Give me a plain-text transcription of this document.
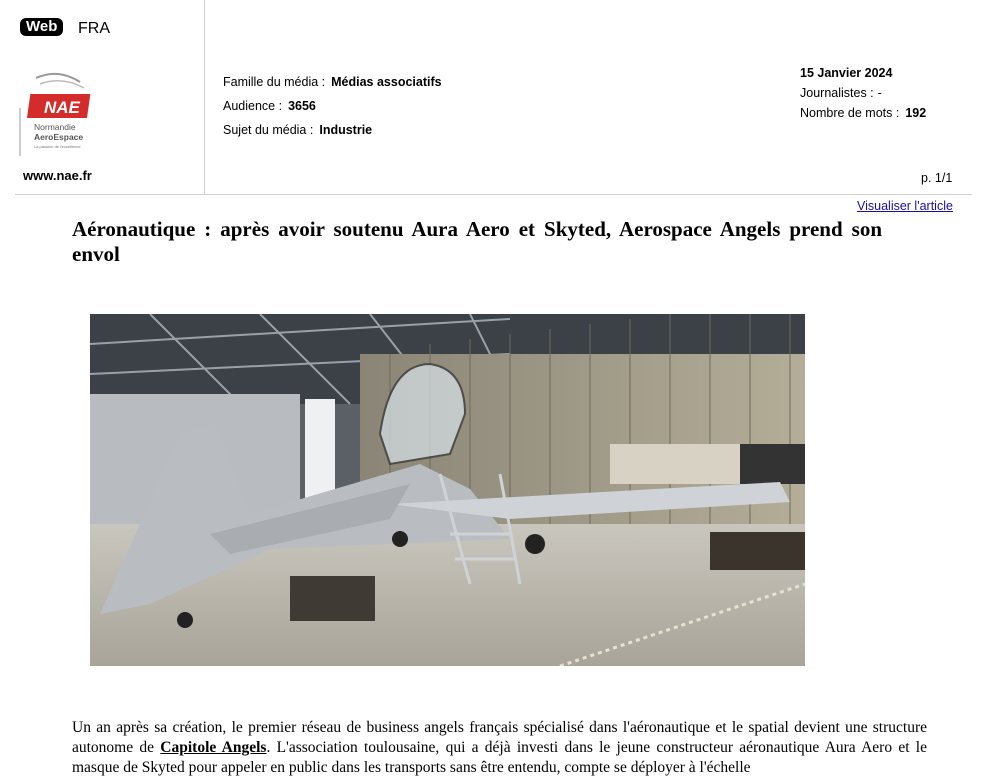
Web	FRA
NAE
Normandie
AeroEspace
La passion de l'excellence
www.nae.fr
Famille du média : Médias associatifs
Audience : 3656
Sujet du média : Industrie
15 Janvier 2024
Journalistes : -
Nombre de mots : 192
p. 1/1
Visualiser l'article
Aéronautique : après avoir soutenu Aura Aero et Skyted, Aerospace Angels prend son envol
Un an après sa création, le premier réseau de business angels français spécialisé dans l'aéronautique et le spatial devient une structure autonome de Capitole Angels. L'association toulousaine, qui a déjà investi dans le jeune constructeur aéronautique Aura Aero et le masque de Skyted pour appeler en public dans les transports sans être entendu, compte se déployer à l'échelle
